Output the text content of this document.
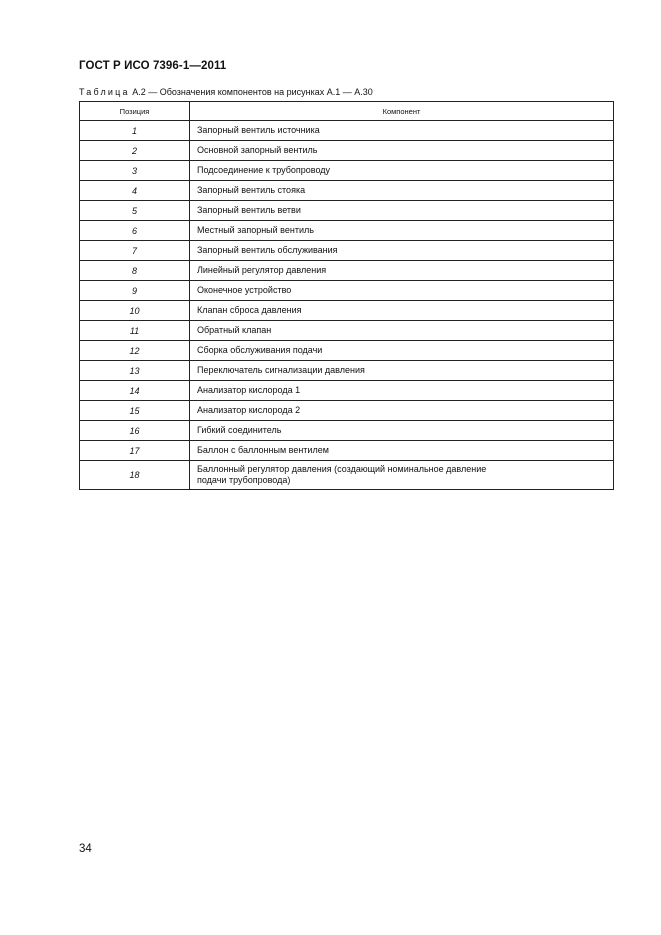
ГОСТ Р ИСО 7396-1—2011
Таблица А.2 — Обозначения компонентов на рисунках А.1 — А.30
Позиция	Компонент
1	Запорный вентиль источника

2	Основной запорный вентиль

3	Подсоединение к трубопроводу

4	Запорный вентиль стояка

5	Запорный вентиль ветви

6	Местный запорный вентиль

7	Запорный вентиль обслуживания

8	Линейный регулятор давления

9	Оконечное устройство

10	Клапан сброса давления

11	Обратный клапан

12	Сборка обслуживания подачи

13	Переключатель сигнализации давления

14	Анализатор кислорода 1

15	Анализатор кислорода 2

16	Гибкий соединитель

17	Баллон с баллонным вентилем

18	Баллонный регулятор давления (создающий номинальное давление
подачи трубопровода)
34
